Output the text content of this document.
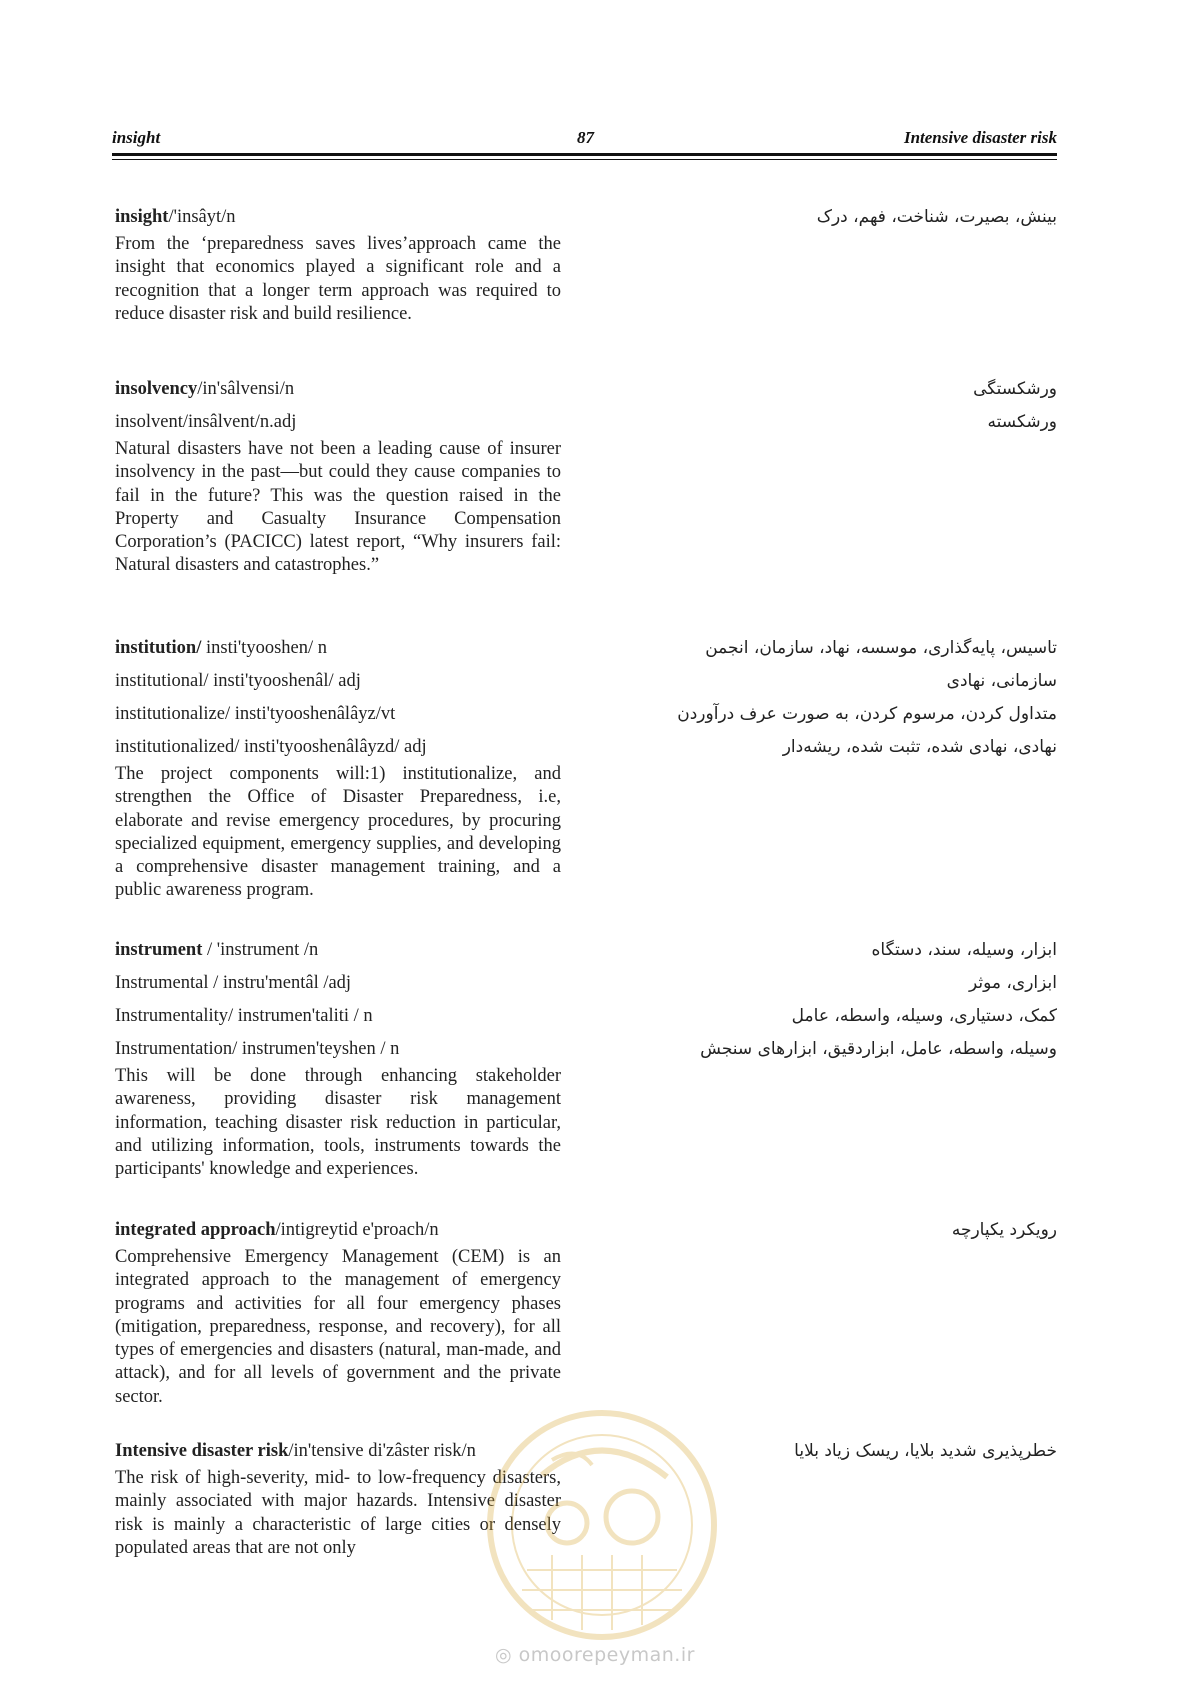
insight	87	Intensive disaster risk
insight/'insâyt/n	بینش، بصیرت، شناخت، فهم، درک
From the ‘preparedness saves lives’approach came the insight that economics played a significant role and a recognition that a longer term approach was required to reduce disaster risk and build resilience.
insolvency/in'sâlvensi/n	ورشکستگی
insolvent/insâlvent/n.adj	ورشکسته
Natural disasters have not been a leading cause of insurer insolvency in the past—but could they cause companies to fail in the future? This was the question raised in the Property and Casualty Insurance Compensation Corporation’s (PACICC) latest report, “Why insurers fail: Natural disasters and catastrophes.”
institution/ insti'tyooshen/ n	تاسیس، پایه‌گذاری، موسسه، نهاد، سازمان، انجمن
institutional/ insti'tyooshenâl/ adj	سازمانی، نهادی
institutionalize/ insti'tyooshenâlâyz/vt	متداول کردن، مرسوم کردن، به صورت عرف درآوردن
institutionalized/ insti'tyooshenâlâyzd/ adj	نهادی، نهادی شده، تثبت شده، ریشه‌دار
The project components will:1) institutionalize, and strengthen the Office of Disaster Preparedness, i.e, elaborate and revise emergency procedures, by procuring specialized equipment, emergency supplies, and developing a comprehensive disaster management training, and a public awareness program.
instrument / 'instrument /n	ابزار، وسیله، سند، دستگاه
Instrumental / instru'mentâl /adj	ابزاری، موثر
Instrumentality/ instrumen'taliti / n	کمک، دستیاری، وسیله، واسطه، عامل
Instrumentation/ instrumen'teyshen / n	وسیله، واسطه، عامل، ابزاردقیق، ابزارهای سنجش
This will be done through enhancing stakeholder awareness, providing disaster risk management information, teaching disaster risk reduction in particular, and utilizing information, tools, instruments towards the participants' knowledge and experiences.
integrated approach/intigreytid e'proach/n	رویکرد یکپارچه
Comprehensive Emergency Management (CEM) is an integrated approach to the management of emergency programs and activities for all four emergency phases (mitigation, preparedness, response, and recovery), for all types of emergencies and disasters (natural, man-made, and attack), and for all levels of government and the private sector.
Intensive disaster risk/in'tensive di'zâster risk/n	خطرپذیری شدید بلایا، ریسک زیاد بلایا
The risk of high-severity, mid- to low-frequency disasters, mainly associated with major hazards. Intensive disaster risk is mainly a characteristic of large cities or densely populated areas that are not only
◎ omoorepeyman.ir
